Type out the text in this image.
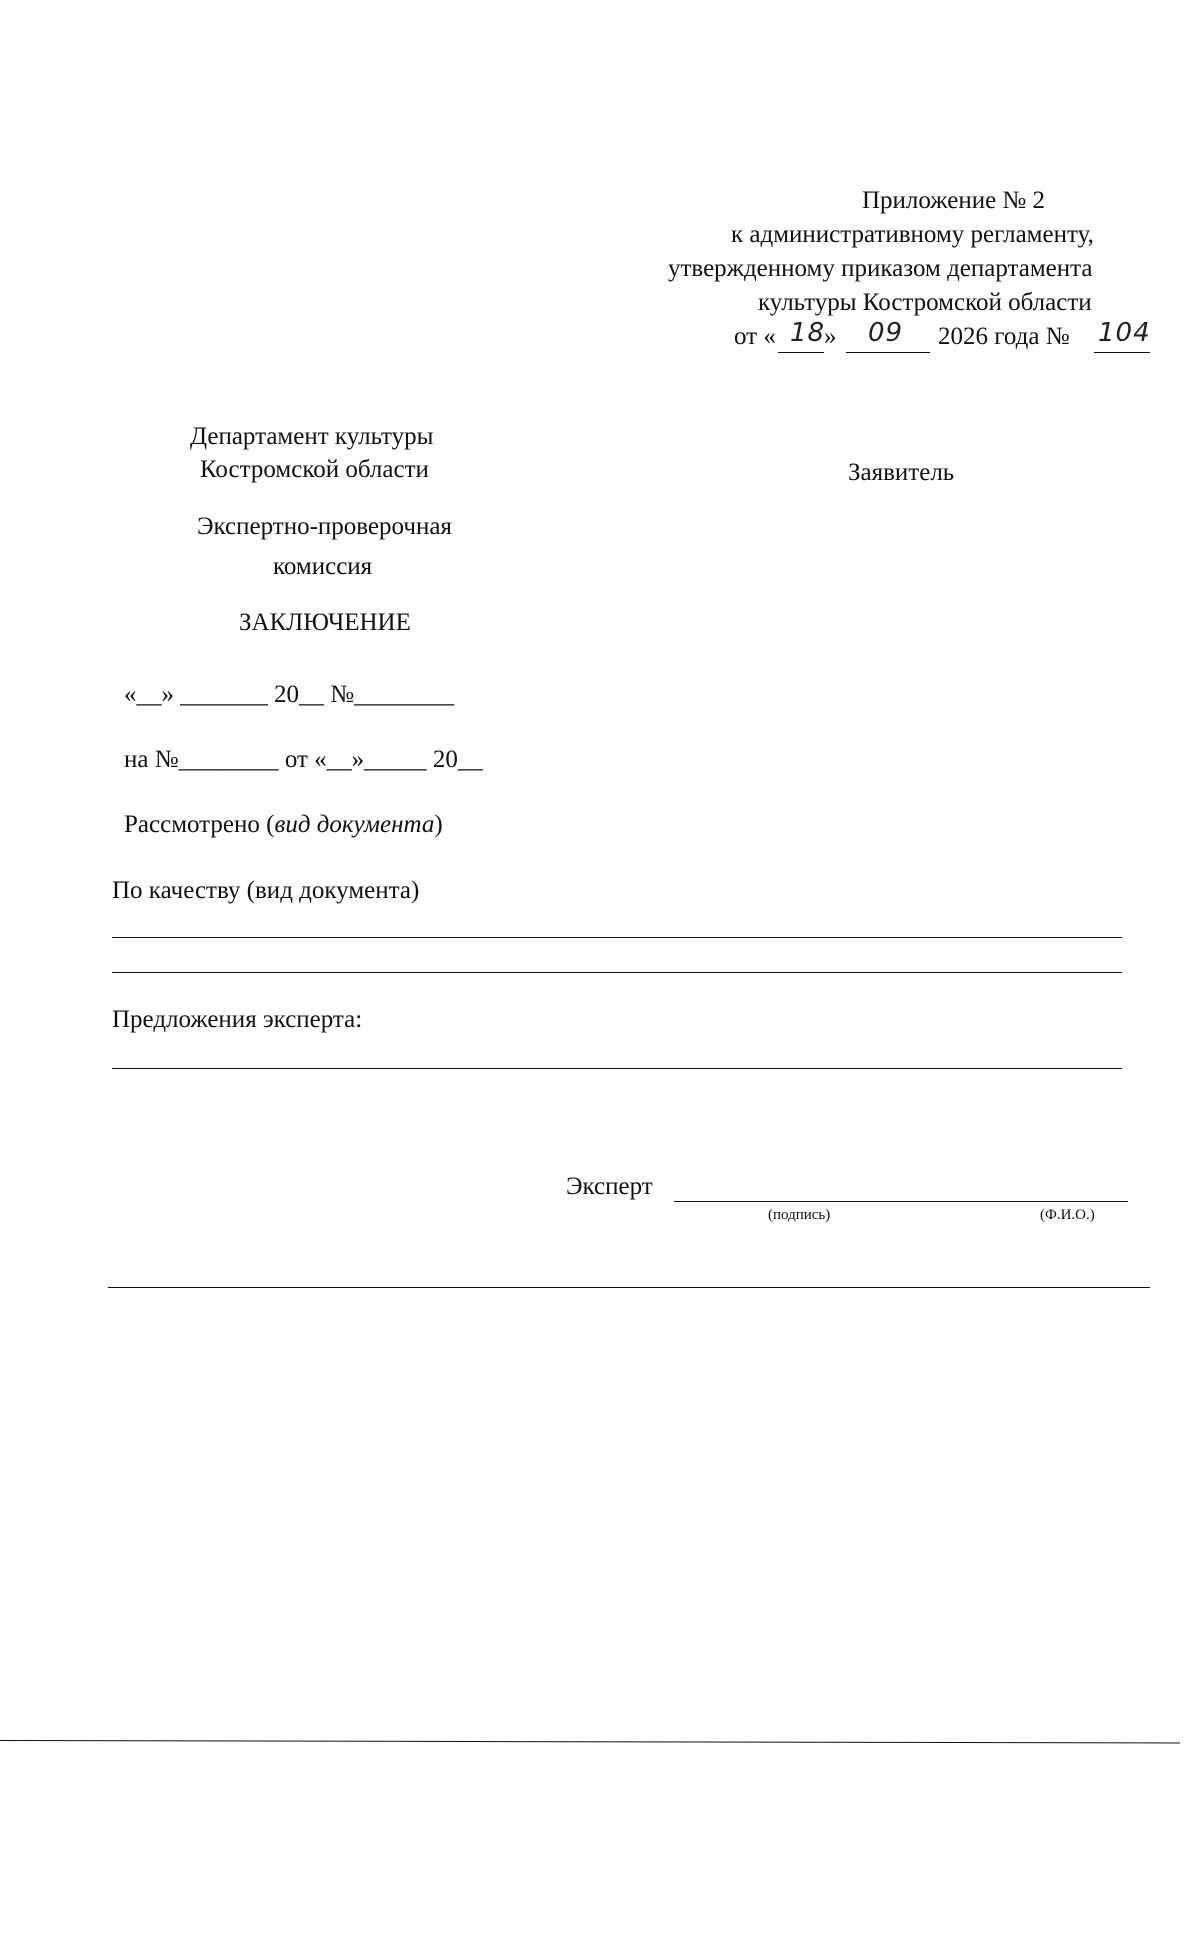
Приложение № 2
к административному регламенту,
утвержденному приказом департамента
культуры Костромской области
от « 18
» 09 2026 года № 104
Департамент культуры
Костромской области	Заявитель
Экспертно-проверочная
комиссия
ЗАКЛЮЧЕНИЕ
«__» _______ 20__ №________
на №________ от «__»_____ 20__
Рассмотрено (вид документа)
По качеству (вид документа)
Предложения эксперта:
Эксперт
(подпись)	(Ф.И.О.)
